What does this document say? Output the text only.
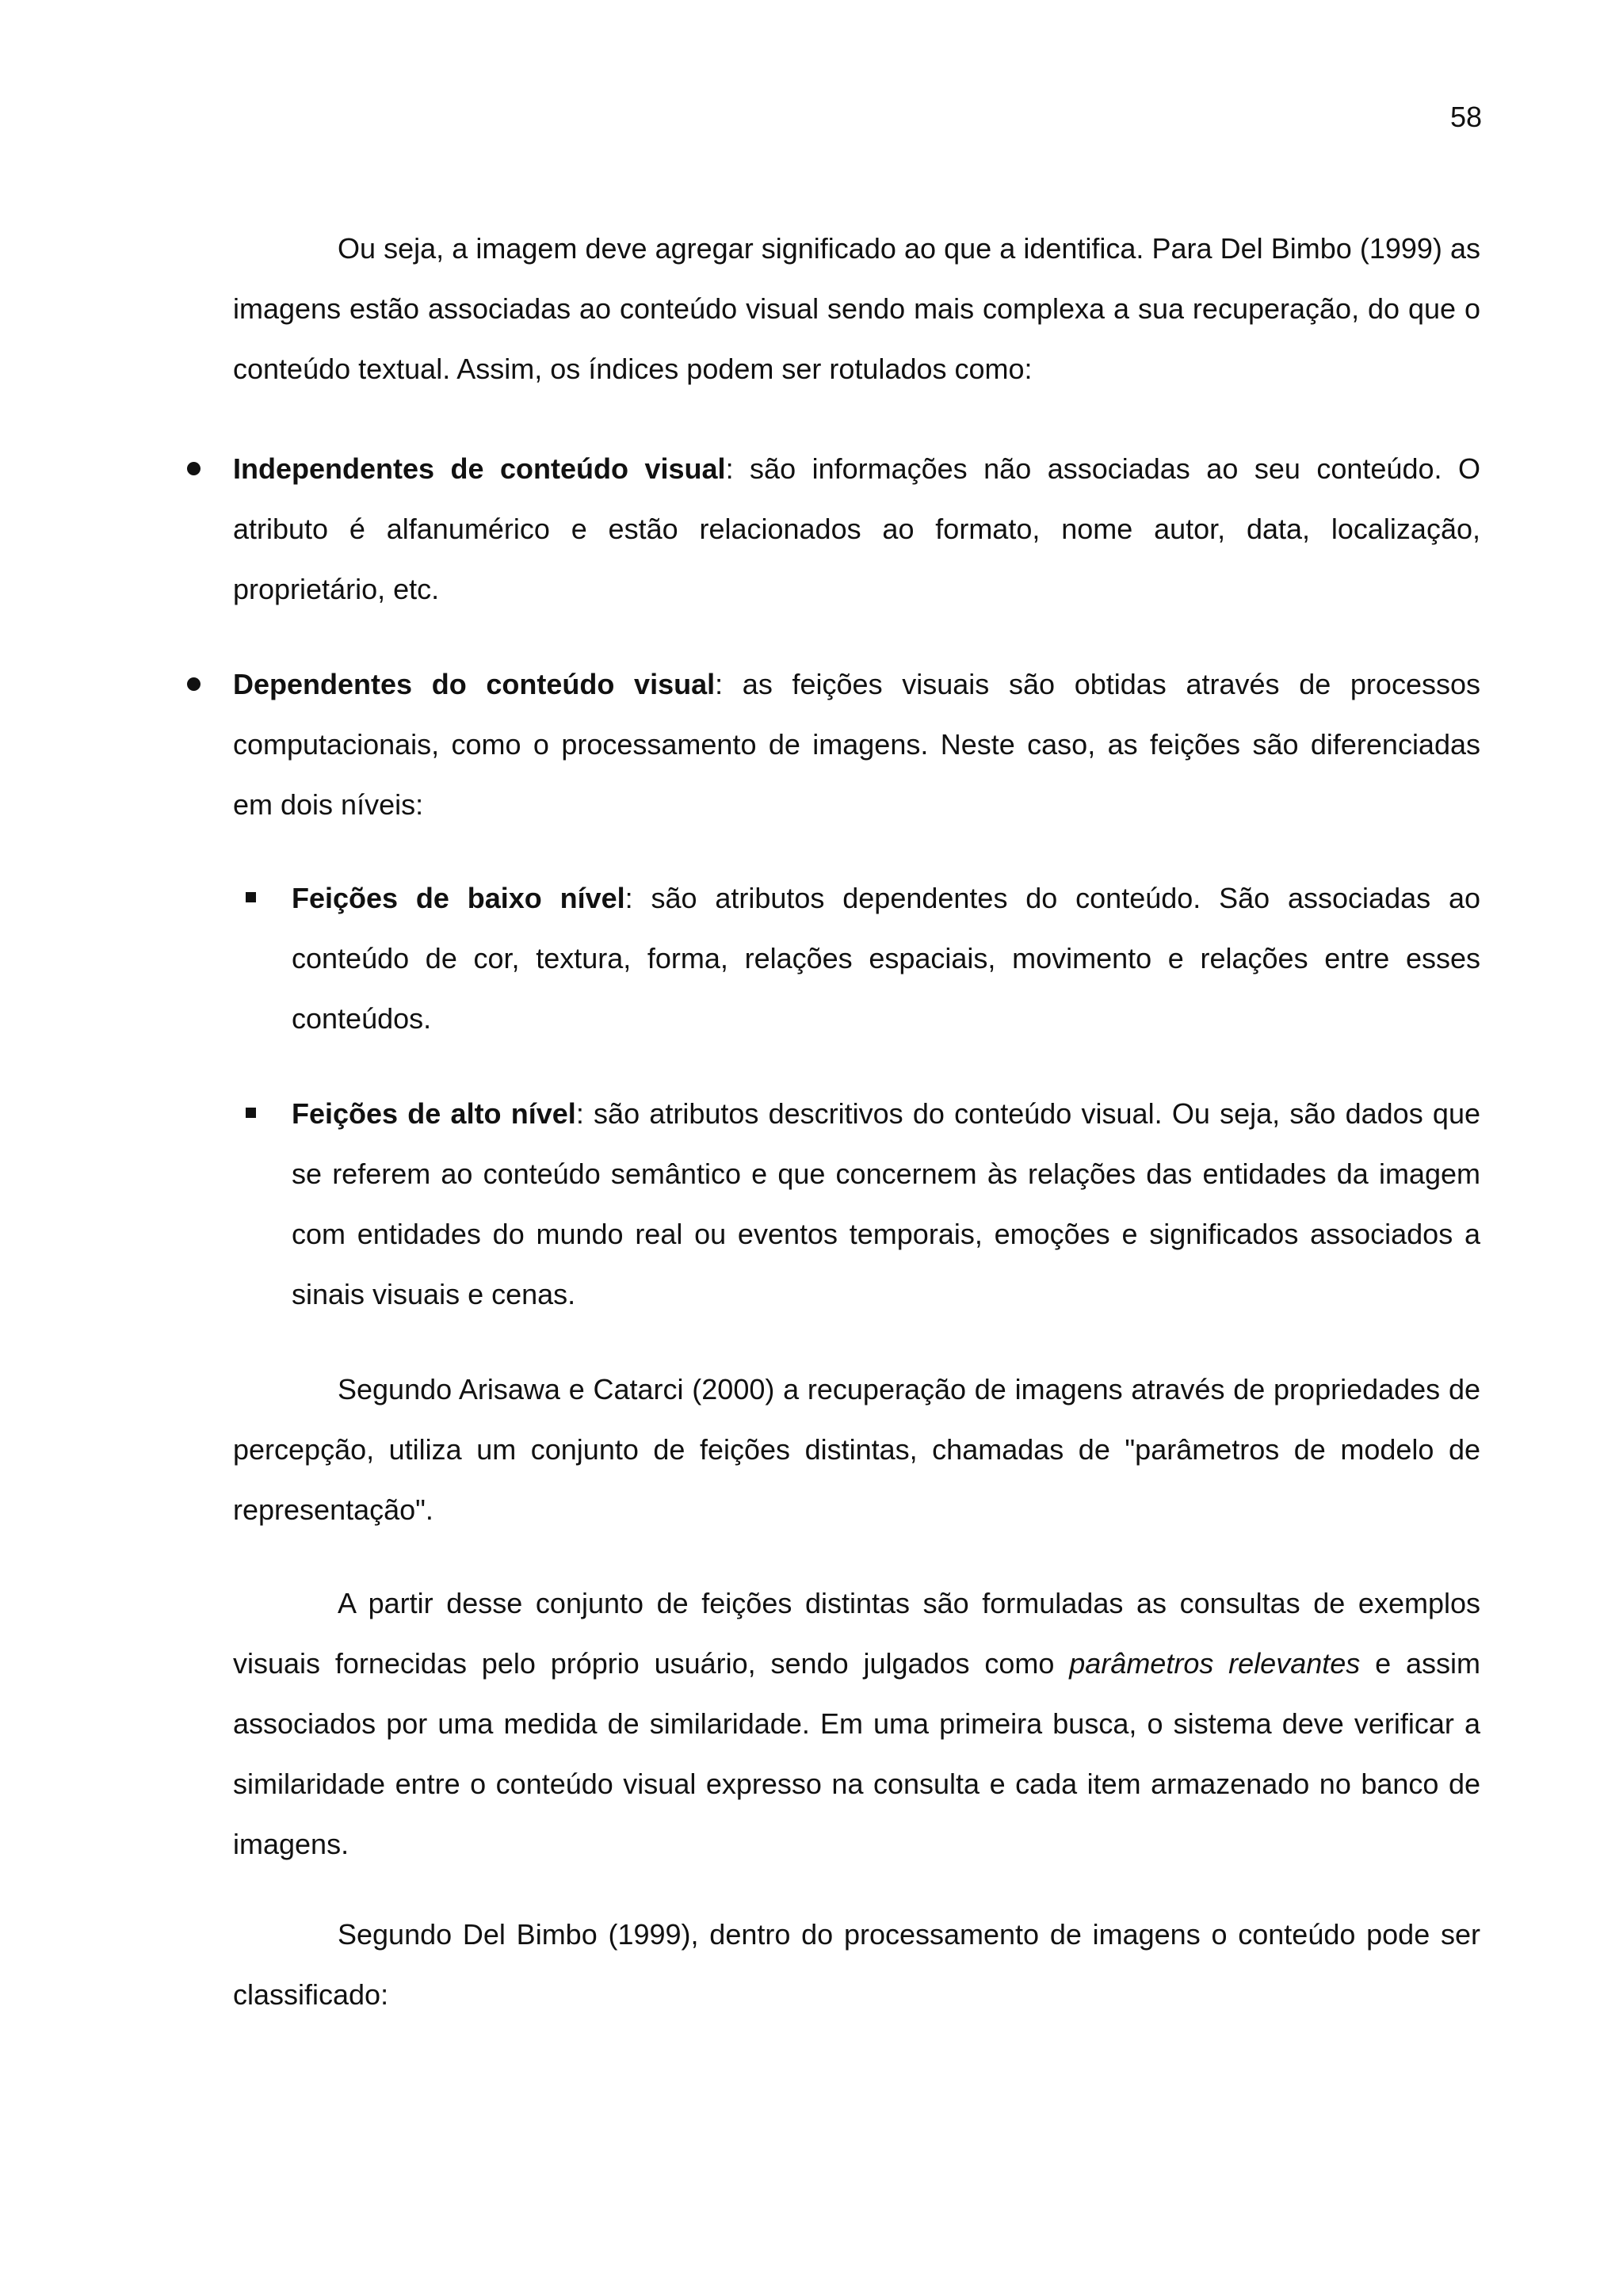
58

Ou seja, a imagem deve agregar significado ao que a identifica. Para Del Bimbo (1999) as imagens estão associadas ao conteúdo visual sendo mais complexa a sua recuperação, do que o conteúdo textual. Assim, os índices podem ser rotulados como:

Independentes de conteúdo visual: são informações não associadas ao seu conteúdo. O atributo é alfanumérico e estão relacionados ao formato, nome autor, data, localização, proprietário, etc.
Dependentes do conteúdo visual: as feições visuais são obtidas através de processos computacionais, como o processamento de imagens. Neste caso, as feições são diferenciadas em dois níveis:
Feições de baixo nível: são atributos dependentes do conteúdo. São associadas ao conteúdo de cor, textura, forma, relações espaciais, movimento e relações entre esses conteúdos.
Feições de alto nível: são atributos descritivos do conteúdo visual. Ou seja, são dados que se referem ao conteúdo semântico e que concernem às relações das entidades da imagem com entidades do mundo real ou eventos temporais, emoções e significados associados a sinais visuais e cenas.

Segundo Arisawa e Catarci (2000) a recuperação de imagens através de propriedades de percepção, utiliza um conjunto de feições distintas, chamadas de "parâmetros de modelo de representação".

A partir desse conjunto de feições distintas são formuladas as consultas de exemplos visuais fornecidas pelo próprio usuário, sendo julgados como parâmetros relevantes e assim associados por uma medida de similaridade. Em uma primeira busca, o sistema deve verificar a similaridade entre o conteúdo visual expresso na consulta e cada item armazenado no banco de imagens.

Segundo Del Bimbo (1999), dentro do processamento de imagens o conteúdo pode ser classificado:
